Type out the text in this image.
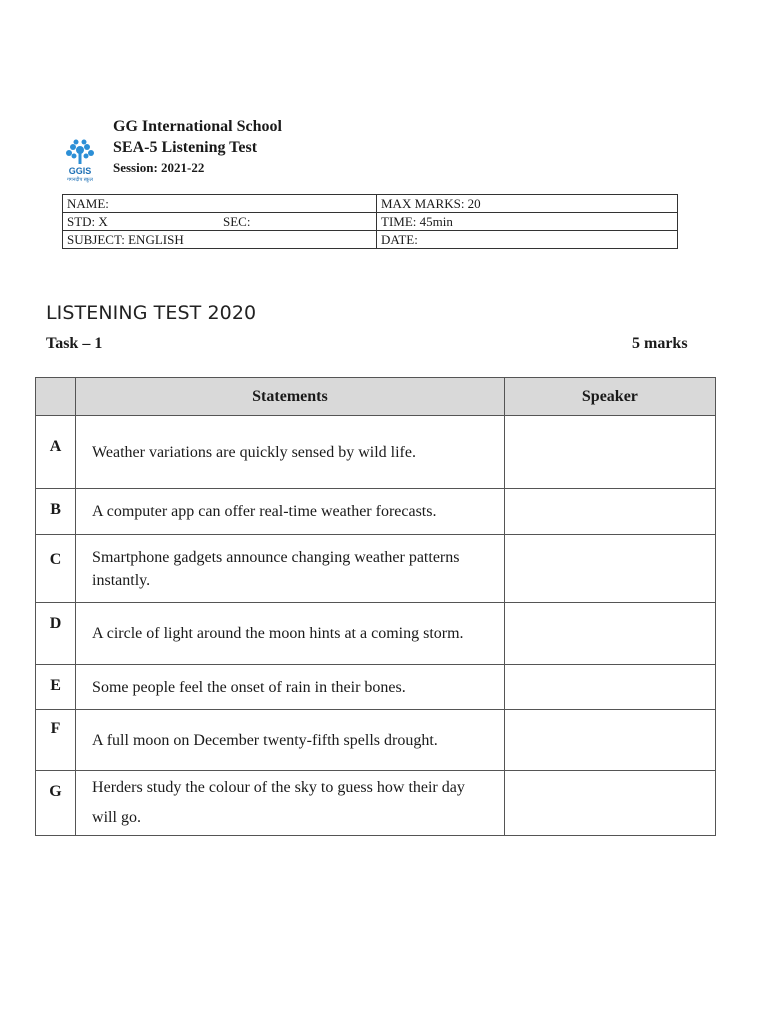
GGIS
गगनदीप स्कूल
GG International School
SEA-5 Listening Test
Session: 2021-22
NAME:	MAX MARKS: 20
STD: X SEC:	TIME: 45min
SUBJECT: ENGLISH	DATE:
LISTENING TEST 2020
Task – 1	5 marks
	Statements	Speaker
A	Weather variations are quickly sensed by wild life.	
B	A computer app can offer real-time weather forecasts.	
C	Smartphone gadgets announce changing weather patterns instantly.	
D	A circle of light around the moon hints at a coming storm.	
E	Some people feel the onset of rain in their bones.	
F	A full moon on December twenty-fifth spells drought.	
G	Herders study the colour of the sky to guess how their day will go.	
